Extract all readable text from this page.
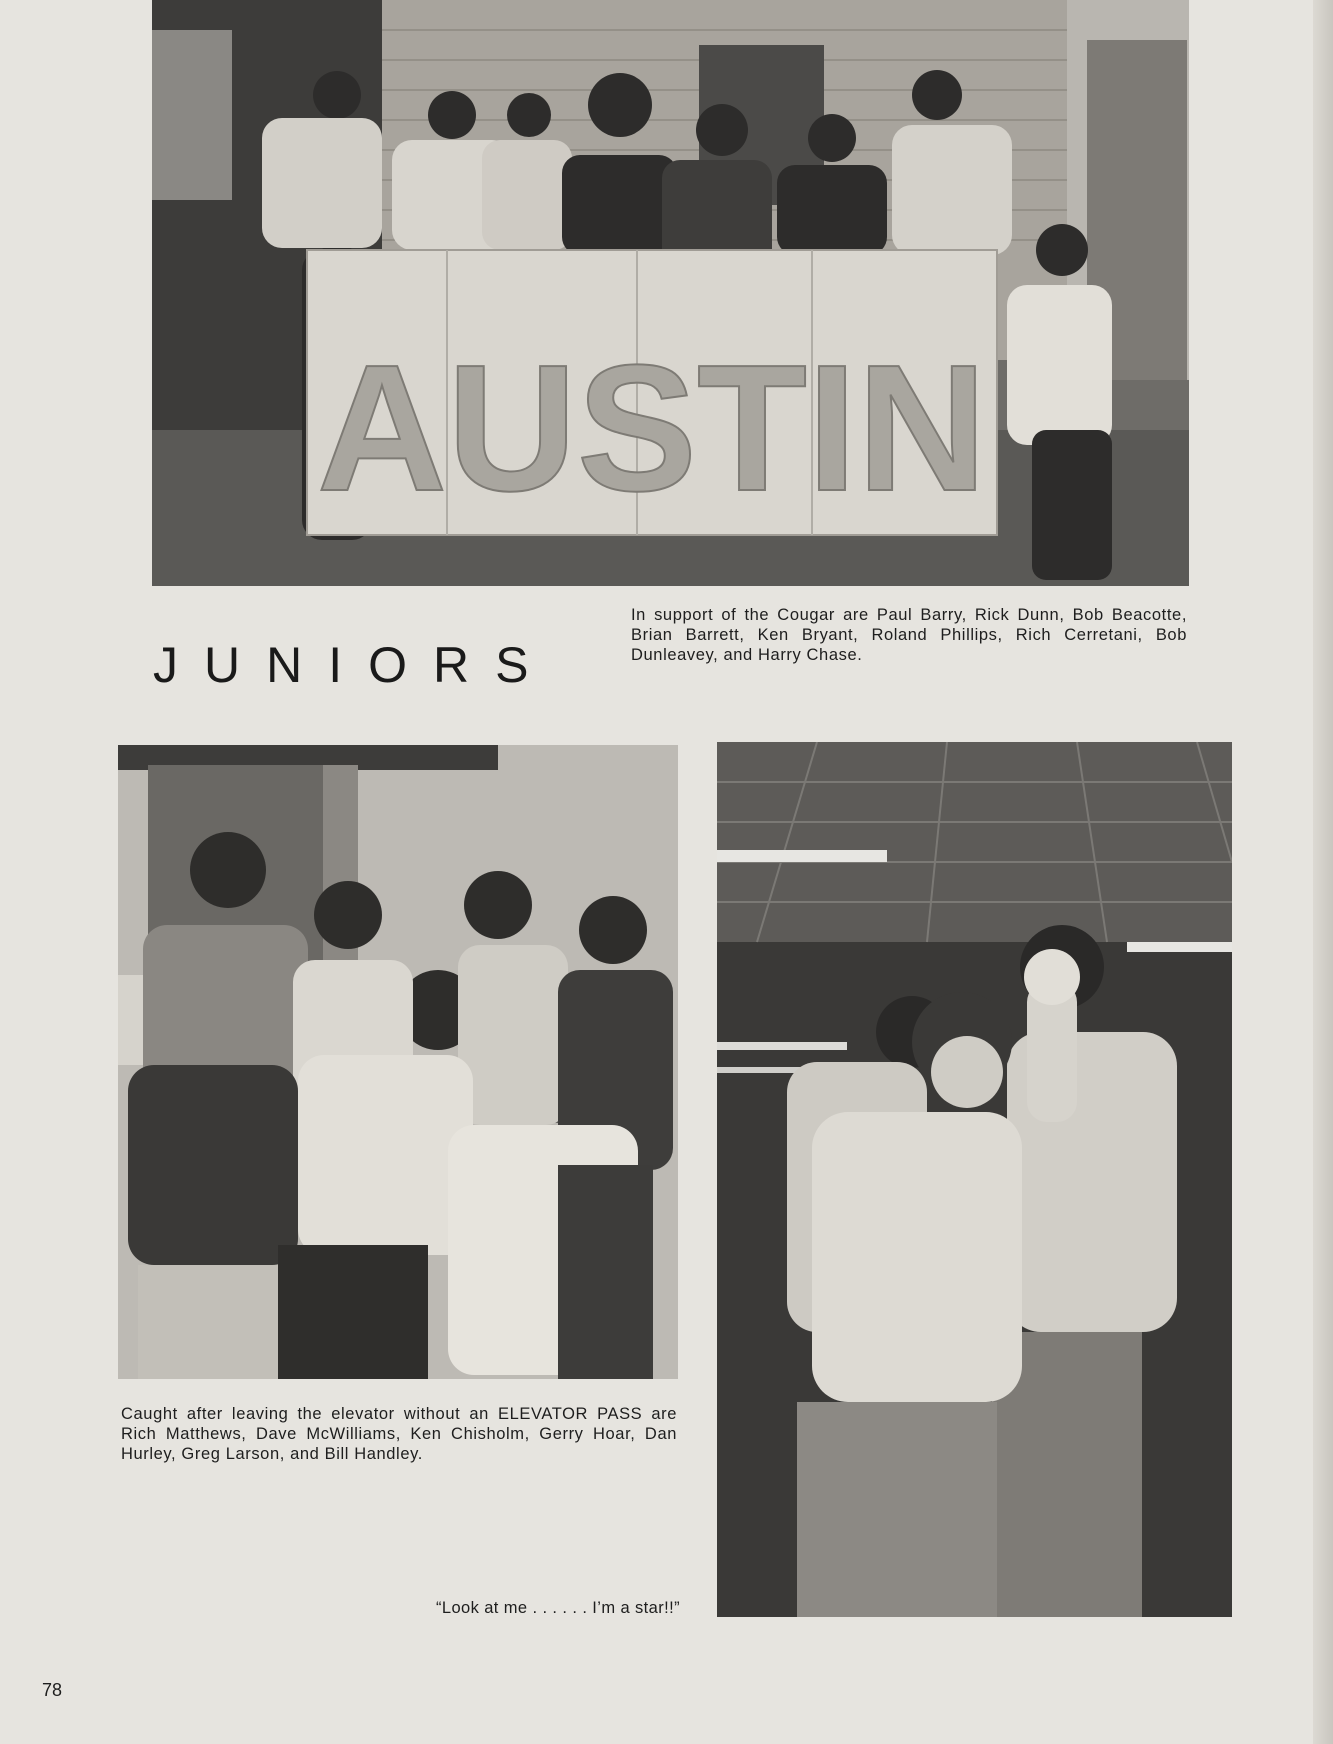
AUSTIN
JUNIORS

In support of the Cougar are Paul Barry, Rick Dunn, Bob Beacotte, Brian Barrett, Ken Bryant, Roland Phillips, Rich Cerretani, Bob Dunleavey, and Harry Chase.

Caught after leaving the elevator without an ELEVATOR PASS are Rich Matthews, Dave McWilliams, Ken Chisholm, Gerry Hoar, Dan Hurley, Greg Larson, and Bill Handley.

“Look at me . . . . . . I’m a star!!”

78
